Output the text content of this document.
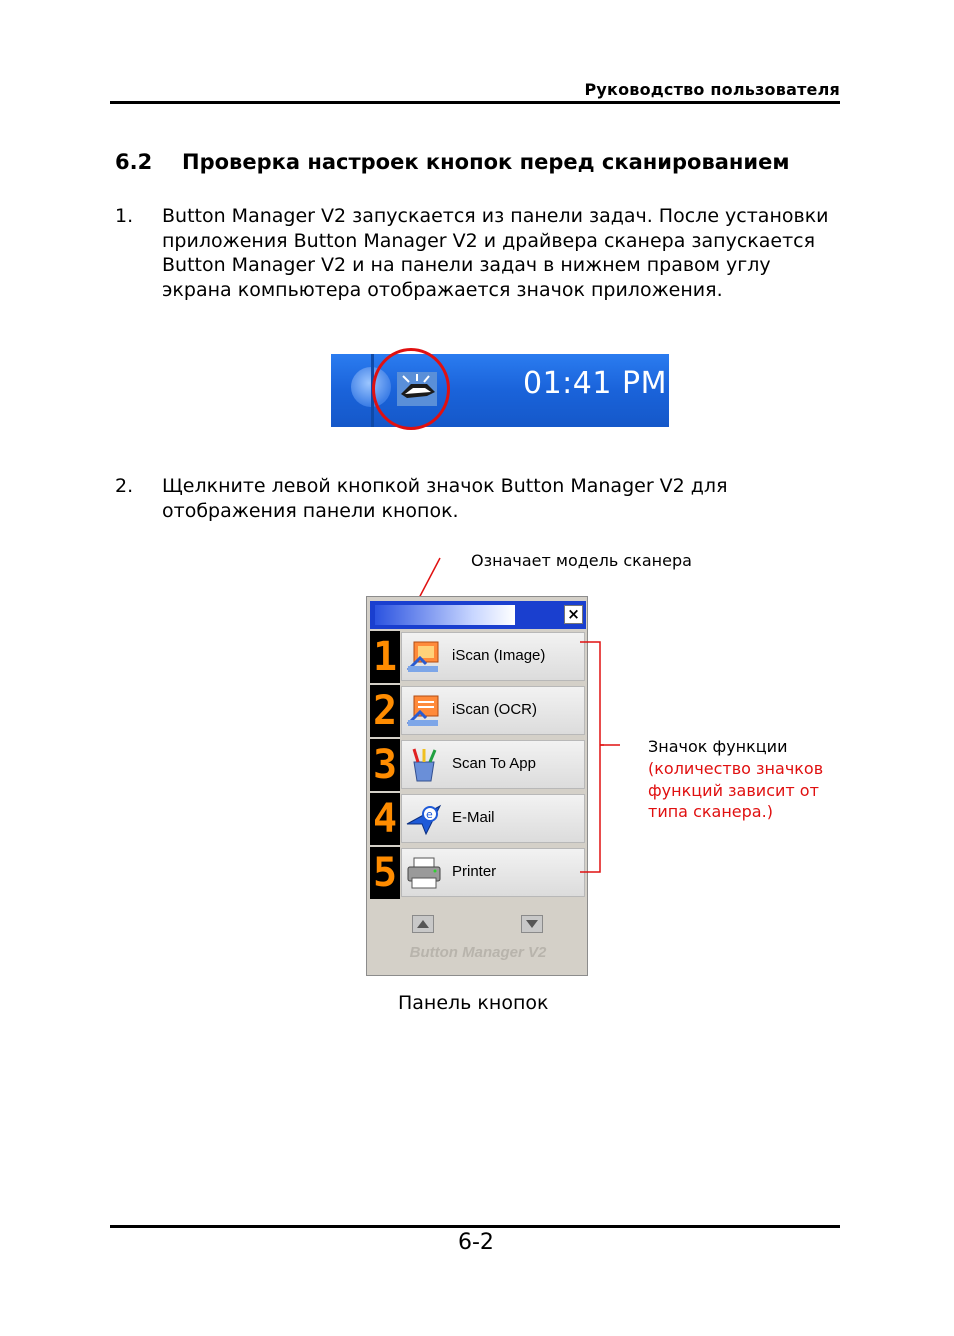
Руководство пользователя
6.2 Проверка настроек кнопок перед сканированием
1. Button Manager V2 запускается из панели задач. После установки приложения Button Manager V2 и драйвера сканера запускается Button Manager V2 и на панели задач в нижнем правом углу экрана компьютера отображается значок приложения.
01:41 PM
2. Щелкните левой кнопкой значок Button Manager V2 для отображения панели кнопок.
Означает модель сканера
×
1	iScan (Image)
2	iScan (OCR)
3	Scan To App
4	e E-Mail
5	Printer
Button Manager V2
Значок функции
(количество значков функций зависит от типа сканера.)
Панель кнопок
6-2
